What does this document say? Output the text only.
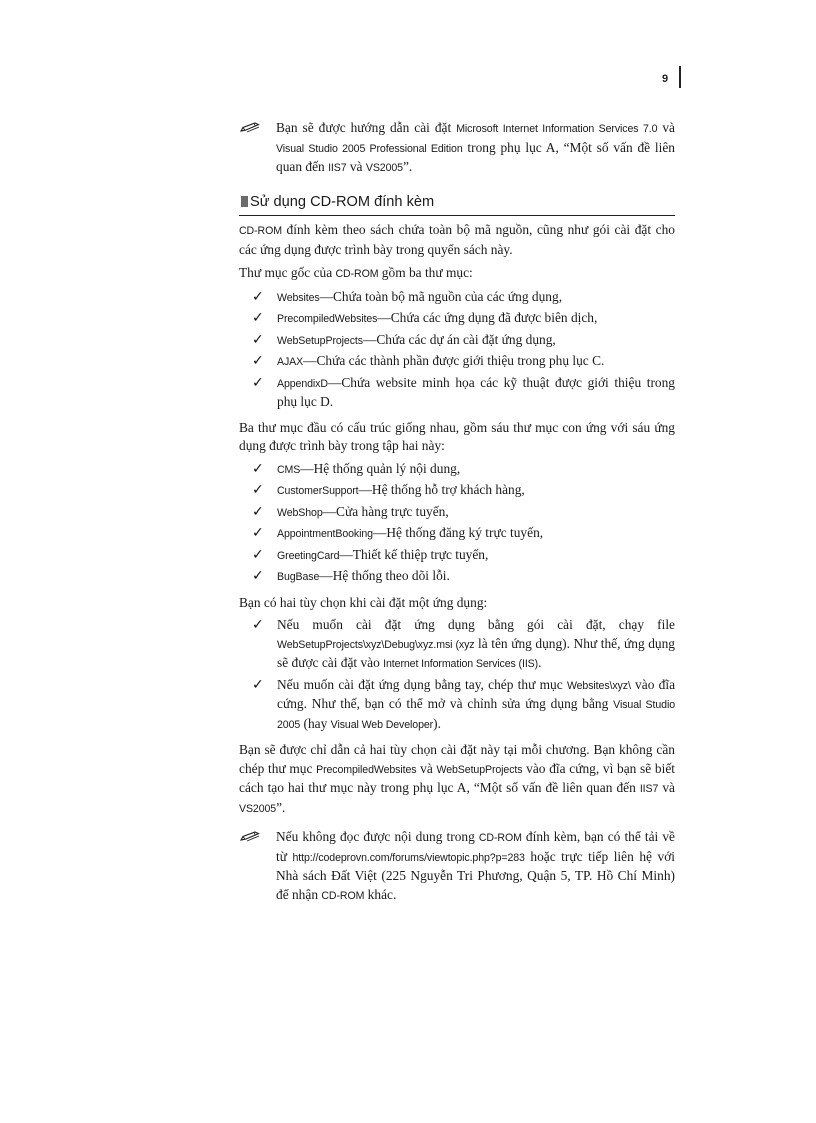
9
Bạn sẽ được hướng dẫn cài đặt Microsoft Internet Information Services 7.0 và Visual Studio 2005 Professional Edition trong phụ lục A, “Một số vấn đề liên quan đến IIS7 và VS2005”.
Sử dụng CD-ROM đính kèm

CD-ROM đính kèm theo sách chứa toàn bộ mã nguồn, cũng như gói cài đặt cho các ứng dụng được trình bày trong quyển sách này.

Thư mục gốc của CD-ROM gồm ba thư mục:

✓	Websites—Chứa toàn bộ mã nguồn của các ứng dụng,
✓	PrecompiledWebsites—Chứa các ứng dụng đã được biên dịch,
✓	WebSetupProjects—Chứa các dự án cài đặt ứng dụng,
✓	AJAX—Chứa các thành phần được giới thiệu trong phụ lục C.
✓	AppendixD—Chứa website minh họa các kỹ thuật được giới thiệu trong phụ lục D.

Ba thư mục đầu có cấu trúc giống nhau, gồm sáu thư mục con ứng với sáu ứng dụng được trình bày trong tập hai này:

✓	CMS—Hệ thống quản lý nội dung,
✓	CustomerSupport—Hệ thống hỗ trợ khách hàng,
✓	WebShop—Cửa hàng trực tuyến,
✓	AppointmentBooking—Hệ thống đăng ký trực tuyến,
✓	GreetingCard—Thiết kế thiệp trực tuyến,
✓	BugBase—Hệ thống theo dõi lỗi.

Bạn có hai tùy chọn khi cài đặt một ứng dụng:

✓ Nếu muốn cài đặt ứng dụng bằng gói cài đặt, chạy file WebSetupProjects\xyz\Debug\xyz.msi (xyz là tên ứng dụng). Như thế, ứng dụng sẽ được cài đặt vào Internet Information Services (IIS).
✓ Nếu muốn cài đặt ứng dụng bằng tay, chép thư mục Websites\xyz\ vào đĩa cứng. Như thế, bạn có thể mở và chỉnh sửa ứng dụng bằng Visual Studio 2005 (hay Visual Web Developer).

Bạn sẽ được chỉ dẫn cả hai tùy chọn cài đặt này tại mỗi chương. Bạn không cần chép thư mục PrecompiledWebsites và WebSetupProjects vào đĩa cứng, vì bạn sẽ biết cách tạo hai thư mục này trong phụ lục A, “Một số vấn đề liên quan đến IIS7 và VS2005”.

Nếu không đọc được nội dung trong CD-ROM đính kèm, bạn có thể tải về từ http://codeprovn.com/forums/viewtopic.php?p=283 hoặc trực tiếp liên hệ với Nhà sách Đất Việt (225 Nguyễn Tri Phương, Quận 5, TP. Hồ Chí Minh) để nhận CD-ROM khác.
